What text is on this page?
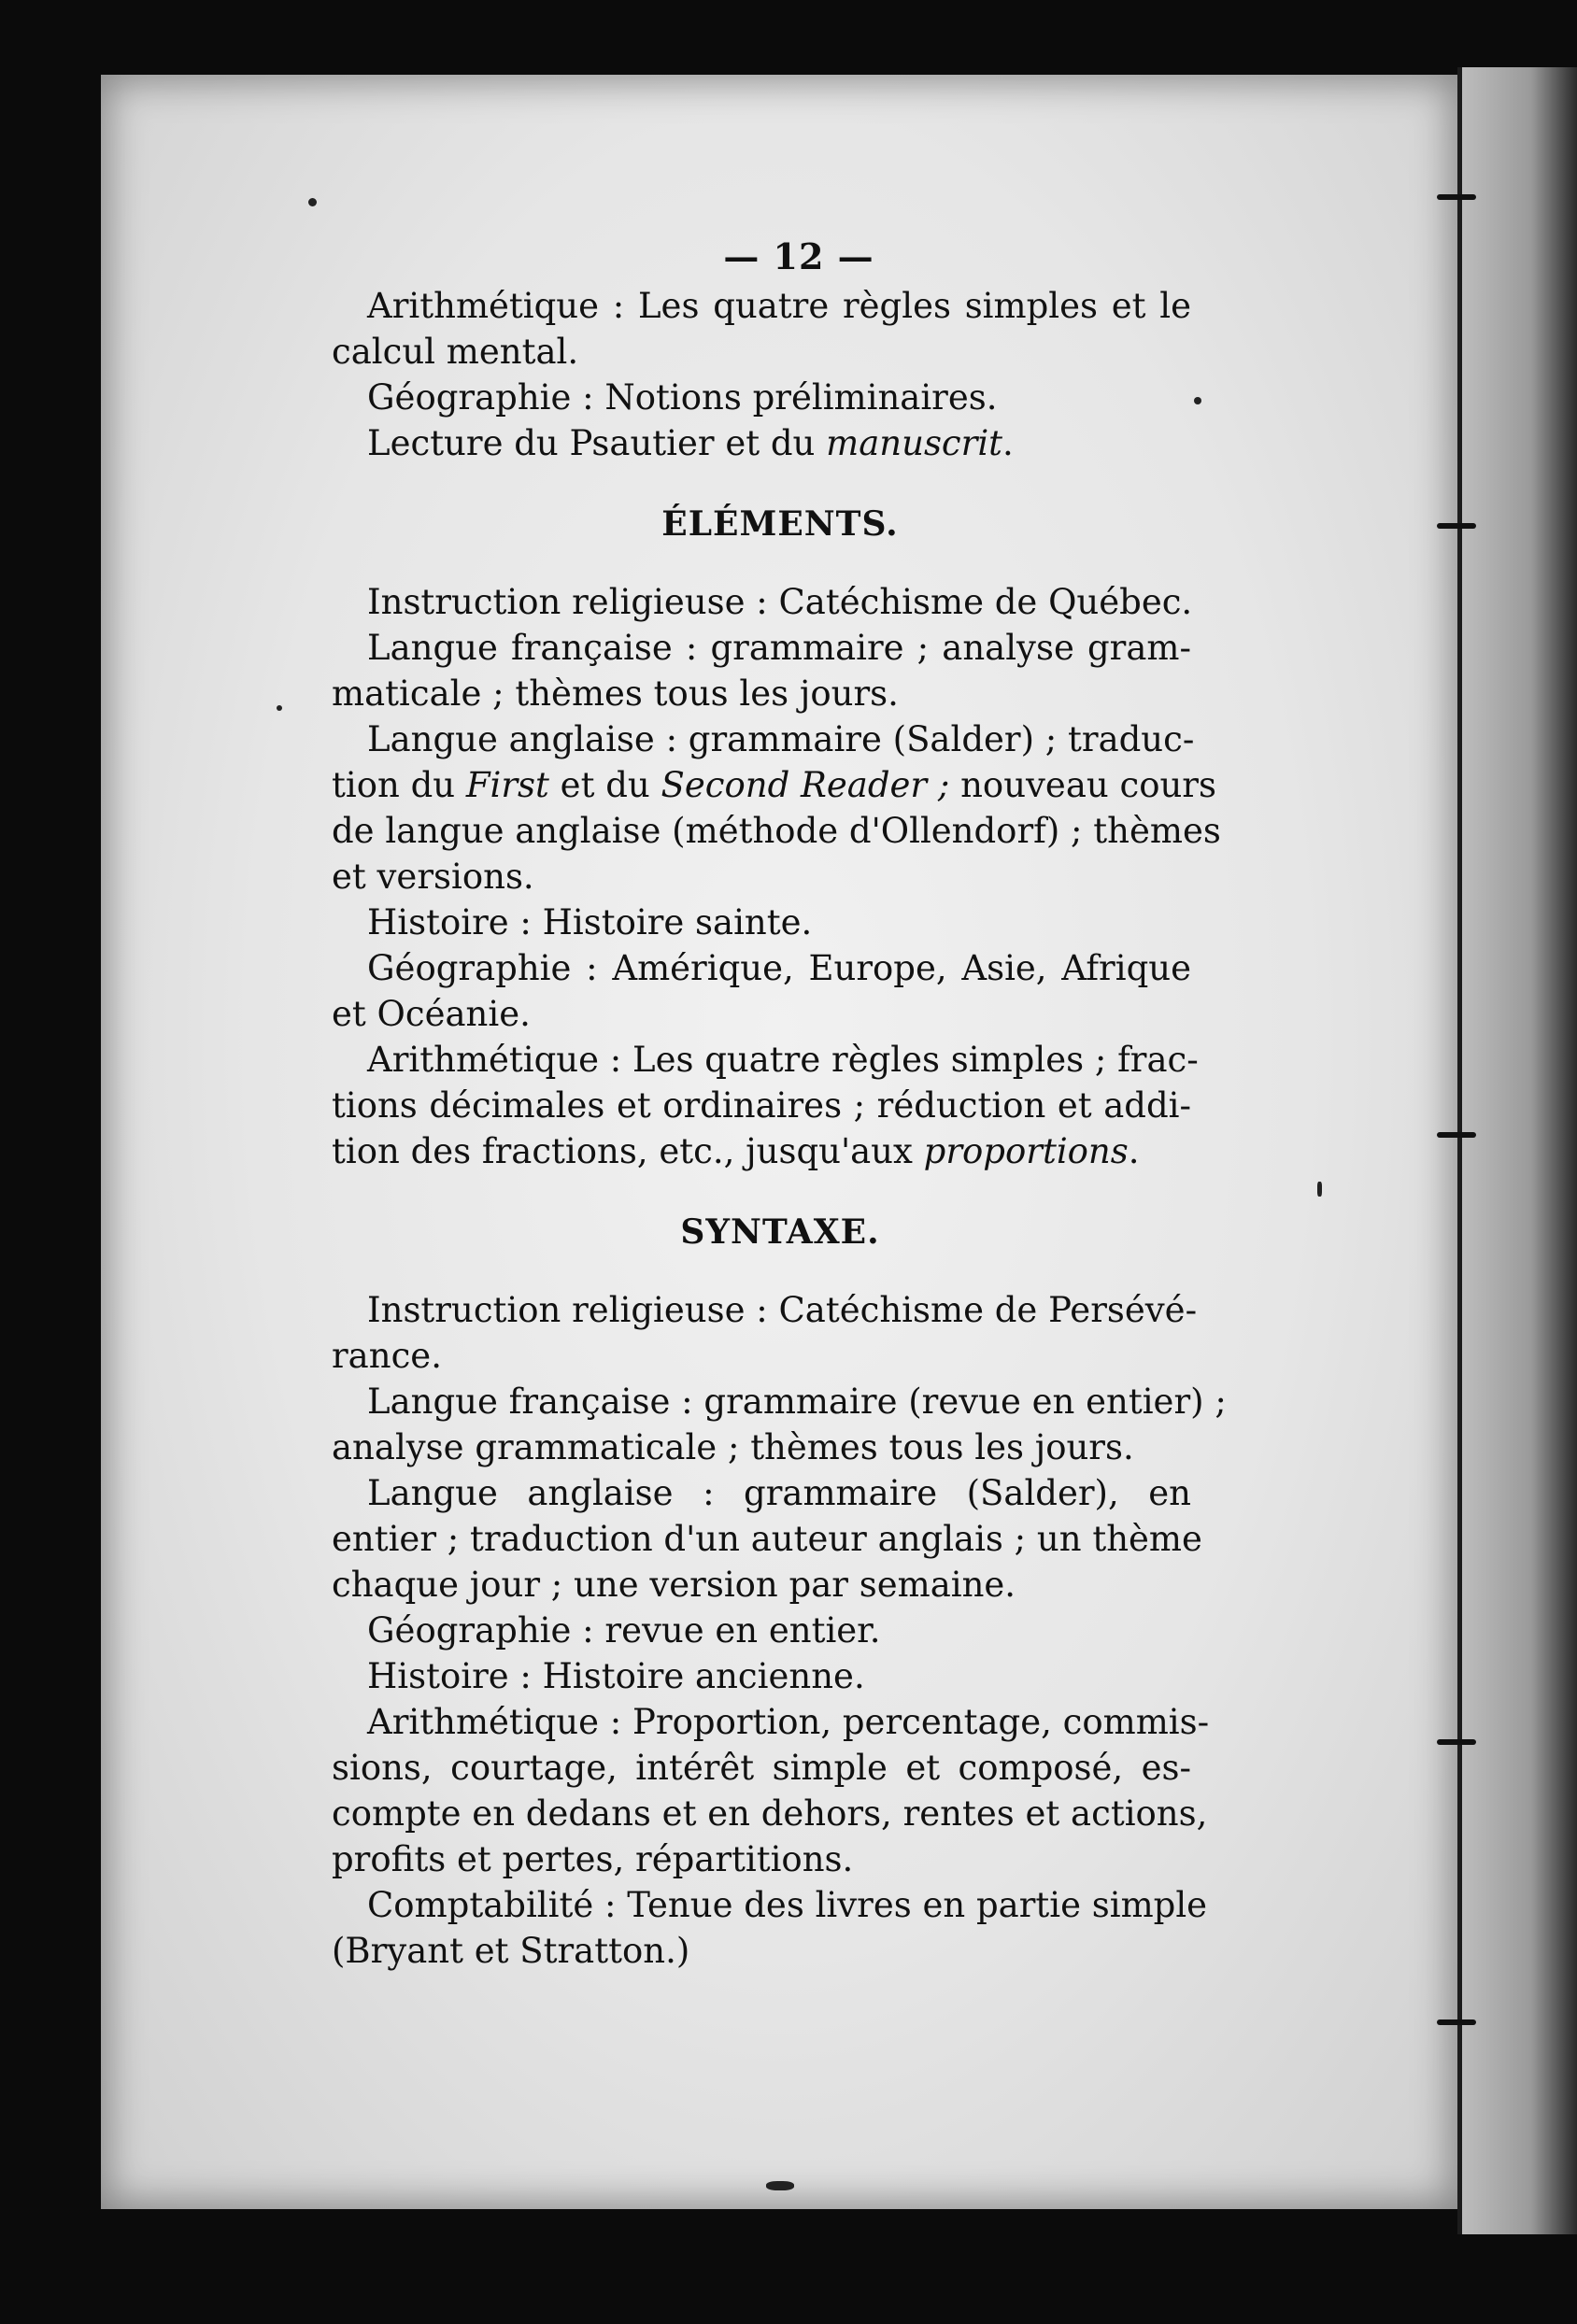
— 12 —

Arithmétique : Les quatre règles simples et le

calcul mental.

Géographie : Notions préliminaires.

Lecture du Psautier et du manuscrit.

ÉLÉMENTS.

Instruction religieuse : Catéchisme de Québec.

Langue française : grammaire ; analyse gram-

maticale ; thèmes tous les jours.

Langue anglaise : grammaire (Salder) ; traduc-

tion du First et du Second Reader ; nouveau cours

de langue anglaise (méthode d'Ollendorf) ; thèmes

et versions.

Histoire : Histoire sainte.

Géographie : Amérique, Europe, Asie, Afrique

et Océanie.

Arithmétique : Les quatre règles simples ; frac-

tions décimales et ordinaires ; réduction et addi-

tion des fractions, etc., jusqu'aux proportions.

SYNTAXE.

Instruction religieuse : Catéchisme de Persévé-

rance.

Langue française : grammaire (revue en entier) ;

analyse grammaticale ; thèmes tous les jours.

Langue anglaise : grammaire (Salder), en

entier ; traduction d'un auteur anglais ; un thème

chaque jour ; une version par semaine.

Géographie : revue en entier.

Histoire : Histoire ancienne.

Arithmétique : Proportion, percentage, commis-

sions, courtage, intérêt simple et composé, es-

compte en dedans et en dehors, rentes et actions,

profits et pertes, répartitions.

Comptabilité : Tenue des livres en partie simple

(Bryant et Stratton.)
